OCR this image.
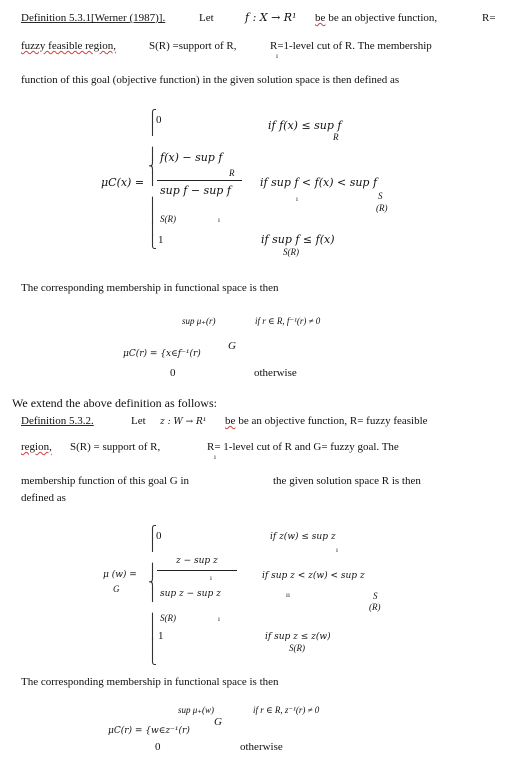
Definition 5.3.1[Werner (1987)].	Let	f : X → R¹ be be an objective function,	R=
fuzzy feasible region,	S(R) =support of R,	R=1-level cut of R. The membership
ı
function of this goal (objective function) in the given solution space is then defined as
⎧
⎪

⎪
⎨
⎪

⎪
⎪
⎪
⎩
0	if f(x) ≤ sup f
R
f(x) − sup f
R
μC(x) =
sup f − sup f
if sup f < f(x) < sup f
S
(R)
ı
S(R)	ı
1	if sup f ≤ f(x)
S(R)
The corresponding membership in functional space is then
sup μ₊(r)	if r ∈ R, f⁻¹(r) ≠ 0
G
μC(r) = {x∈f⁻¹(r)
0	otherwise
We extend the above definition as follows:
Definition 5.3.2.	Let z : W → R¹ be be an objective function, R= fuzzy feasible
region, S(R) = support of R,	R= 1-level cut of R and G= fuzzy goal. The
ı
membership function of this goal G in	the given solution space R is then
defined as
⎧
⎪

⎪
⎨
⎪

⎪
⎪
⎪
⎩
0	if z(w) ≤ sup z
ı
z − sup z
ı
μ (w) =
G	sup z − sup z
if sup z < z(w) < sup z
S
(R)
ıı
S(R)	ı
1	if sup z ≤ z(w)
S(R)
The corresponding membership in functional space is then
sup μ₊(w)	if r ∈ R, z⁻¹(r) ≠ 0
G
μC(r) = {w∈z⁻¹(r)
0	otherwise
